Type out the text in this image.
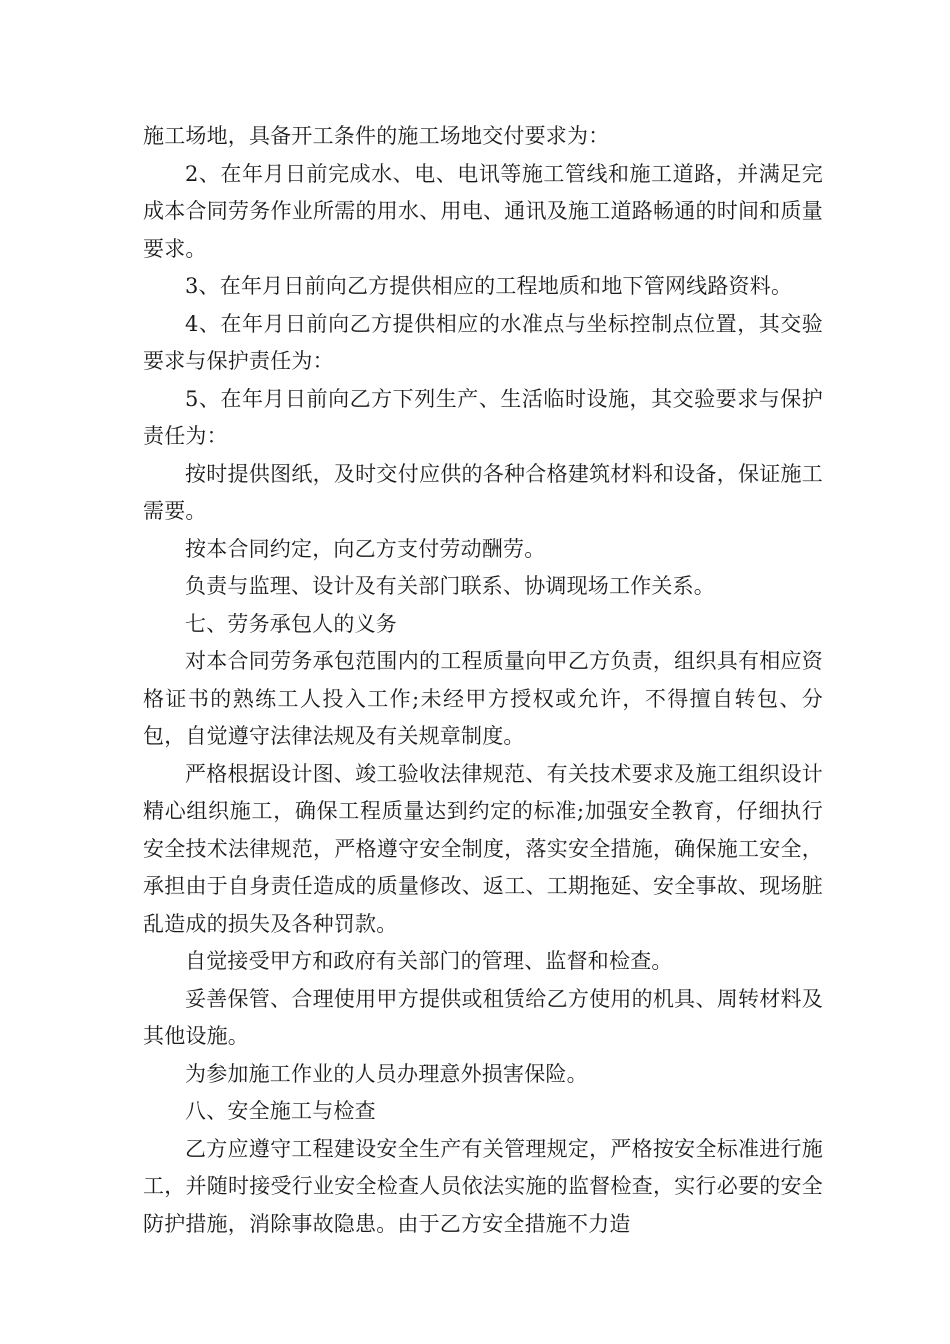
施工场地，具备开工条件的施工场地交付要求为：

2、在年月日前完成水、电、电讯等施工管线和施工道路，并满足完成本合同劳务作业所需的用水、用电、通讯及施工道路畅通的时间和质量要求。

3、在年月日前向乙方提供相应的工程地质和地下管网线路资料。

4、在年月日前向乙方提供相应的水准点与坐标控制点位置，其交验要求与保护责任为：

5、在年月日前向乙方下列生产、生活临时设施，其交验要求与保护责任为：

按时提供图纸，及时交付应供的各种合格建筑材料和设备，保证施工需要。

按本合同约定，向乙方支付劳动酬劳。

负责与监理、设计及有关部门联系、协调现场工作关系。

七、劳务承包人的义务

对本合同劳务承包范围内的工程质量向甲乙方负责，组织具有相应资格证书的熟练工人投入工作;未经甲方授权或允许，不得擅自转包、分包，自觉遵守法律法规及有关规章制度。

严格根据设计图、竣工验收法律规范、有关技术要求及施工组织设计精心组织施工，确保工程质量达到约定的标准;加强安全教育，仔细执行安全技术法律规范，严格遵守安全制度，落实安全措施，确保施工安全，承担由于自身责任造成的质量修改、返工、工期拖延、安全事故、现场脏乱造成的损失及各种罚款。

自觉接受甲方和政府有关部门的管理、监督和检查。

妥善保管、合理使用甲方提供或租赁给乙方使用的机具、周转材料及其他设施。

为参加施工作业的人员办理意外损害保险。

八、安全施工与检查

乙方应遵守工程建设安全生产有关管理规定，严格按安全标准进行施工，并随时接受行业安全检查人员依法实施的监督检查，实行必要的安全防护措施，消除事故隐患。由于乙方安全措施不力造
